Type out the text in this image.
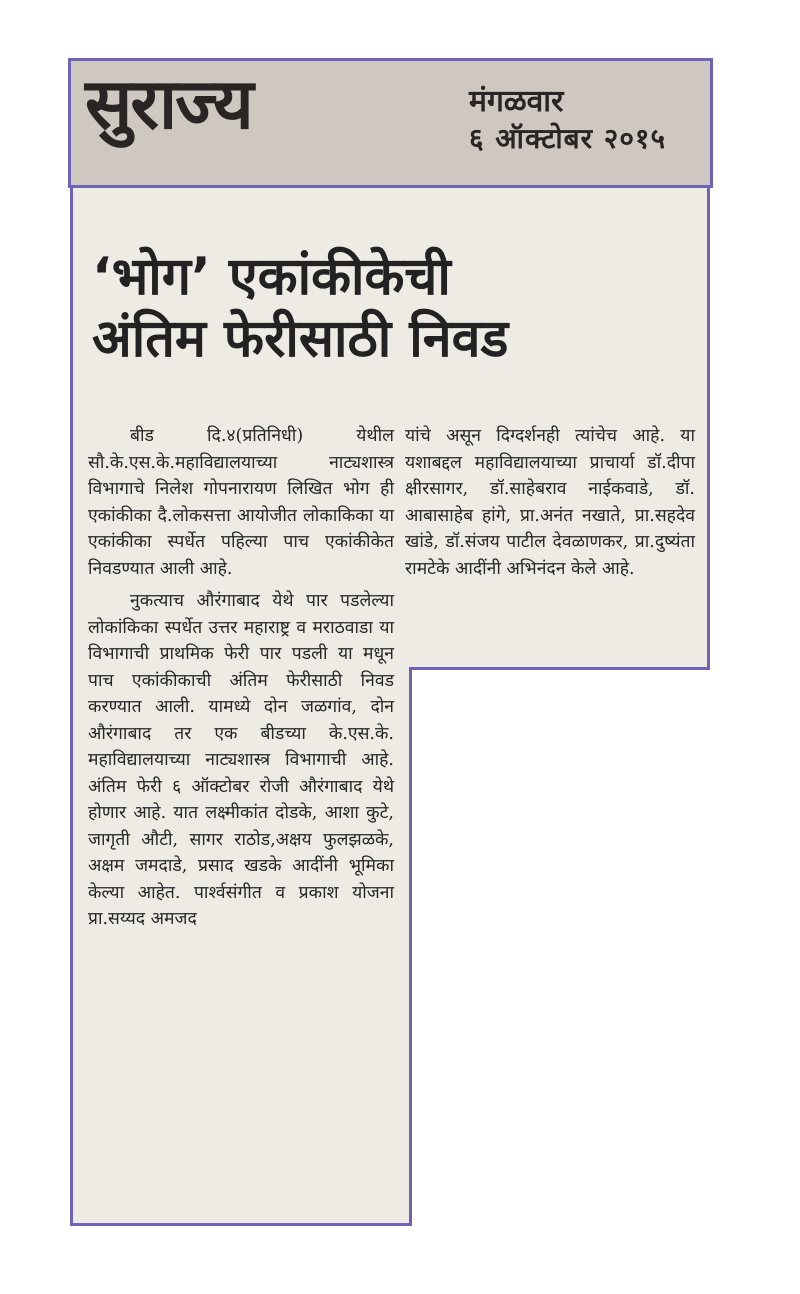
सुराज्य	मंगळवार
६ ऑक्टोबर २०१५
‘भोग’ एकांकीकेची
अंतिम फेरीसाठी निवड

बीड दि.४(प्रतिनिधी) येथील सौ.के.एस.के.महाविद्यालयाच्या नाट्यशास्त्र विभागाचे निलेश गोपनारायण लिखित भोग ही एकांकीका दै.लोकसत्ता आयोजीत लोकाकिका या एकांकीका स्पर्धेत पहिल्या पाच एकांकीकेत निवडण्यात आली आहे.

नुकत्याच औरंगाबाद येथे पार पडलेल्या लोकांकिका स्पर्धेत उत्तर महाराष्ट्र व मराठवाडा या विभागाची प्राथमिक फेरी पार पडली या मधून पाच एकांकीकाची अंतिम फेरीसाठी निवड करण्यात आली. यामध्ये दोन जळगांव, दोन औरंगाबाद तर एक बीडच्या के.एस.के. महाविद्यालयाच्या नाट्यशास्त्र विभागाची आहे. अंतिम फेरी ६ ऑक्टोबर रोजी औरंगाबाद येथे होणार आहे. यात लक्ष्मीकांत दोडके, आशा कुटे, जागृती औटी, सागर राठोड,अक्षय फुलझळके, अक्षम जमदाडे, प्रसाद खडके आदींनी भूमिका केल्या आहेत. पार्श्वसंगीत व प्रकाश योजना प्रा.सय्यद अमजद

यांचे असून दिग्दर्शनही त्यांचेच आहे. या यशाबद्दल महाविद्यालयाच्या प्राचार्या डॉ.दीपा क्षीरसागर, डॉ.साहेबराव नाईकवाडे, डॉ. आबासाहेब हांगे, प्रा.अनंत नखाते, प्रा.सहदेव खांडे, डॉ.संजय पाटील देवळाणकर, प्रा.दुष्यंता रामटेके आदींनी अभिनंदन केले आहे.
